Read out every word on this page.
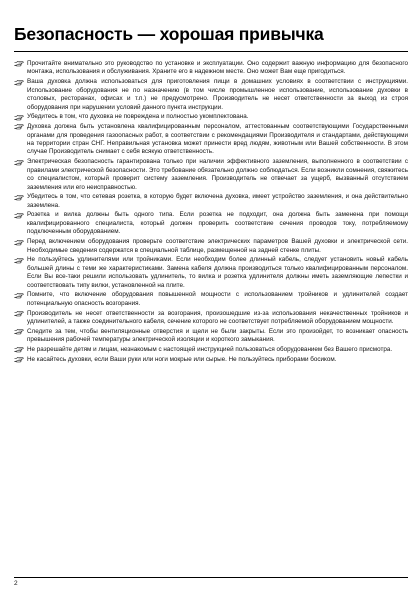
Безопасность — хорошая привычка
Прочитайте внимательно это руководство по установке и эксплуатации. Оно содержит важную информацию для безопасного монтажа, использования и обслуживания. Храните его в надежном месте. Оно может Вам еще пригодиться.
Ваша духовка должна использоваться для приготовления пищи в домашних условиях в соответствии с инструкциями. Использование оборудования не по назначению (в том числе промышленное использование, использование духовки в столовых, ресторанах, офисах и т.п.) не предусмотрено. Производитель не несет ответственности за выход из строя оборудования при нарушении условий данного пункта инструкции.
Убедитесь в том, что духовка не повреждена и полностью укомплектована.
Духовка должна быть установлена квалифицированным персоналом, аттестованным соответствующими Государственными органами для проведения газоопасных работ, в соответствии с рекомендациями Производителя и стандартами, действующими на территории стран СНГ. Неправильная установка может принести вред людям, животным или Вашей собственности. В этом случае Производитель снимает с себя всякую ответственность.
Электрическая безопасность гарантирована только при наличии эффективного заземления, выполненного в соответствии с правилами электрической безопасности. Это требование обязательно должно соблюдаться. Если возникли сомнения, свяжитесь со специалистом, который проверит систему заземления. Производитель не отвечает за ущерб, вызванный отсутствием заземления или его неисправностью.
Убедитесь в том, что сетевая розетка, в которую будет включена духовка, имеет устройство заземления, и она действительно заземлена.
Розетка и вилка должны быть одного типа. Если розетка не подходит, она должна быть заменена при помощи квалифицированного специалиста, который должен проверить соответствие сечения проводов току, потребляемому подключенным оборудованием.
Перед включением оборудования проверьте соответствие электрических параметров Вашей духовки и электрической сети. Необходимые сведения содержатся в специальной таблице, размещенной на задней стенке плиты.
Не пользуйтесь удлинителями или тройниками. Если необходим более длинный кабель, следует установить новый кабель большей длины с теми же характеристиками. Замена кабеля должна производиться только квалифицированным персоналом. Если Вы все-таки решили использовать удлинитель, то вилка и розетка удлинителя должны иметь заземляющие лепестки и соответствовать типу вилки, установленной на плите.
Помните, что включение оборудования повышенной мощности с использованием тройников и удлинителей создает потенциальную опасность возгорания.
Производитель не несет ответственности за возгорания, произошедшие из-за использования некачественных тройников и удлинителей, а также соединительного кабеля, сечение которого не соответствует потребляемой оборудованием мощности.
Следите за тем, чтобы вентиляционные отверстия и щели не были закрыты. Если это произойдет, то возникает опасность превышения рабочей температуры электрической изоляции и короткого замыкания.
Не разрешайте детям и лицам, незнакомым с настоящей инструкцией пользоваться оборудованием без Вашего присмотра.
Не касайтесь духовки, если Ваши руки или ноги мокрые или сырые. Не пользуйтесь приборами босиком.
2
